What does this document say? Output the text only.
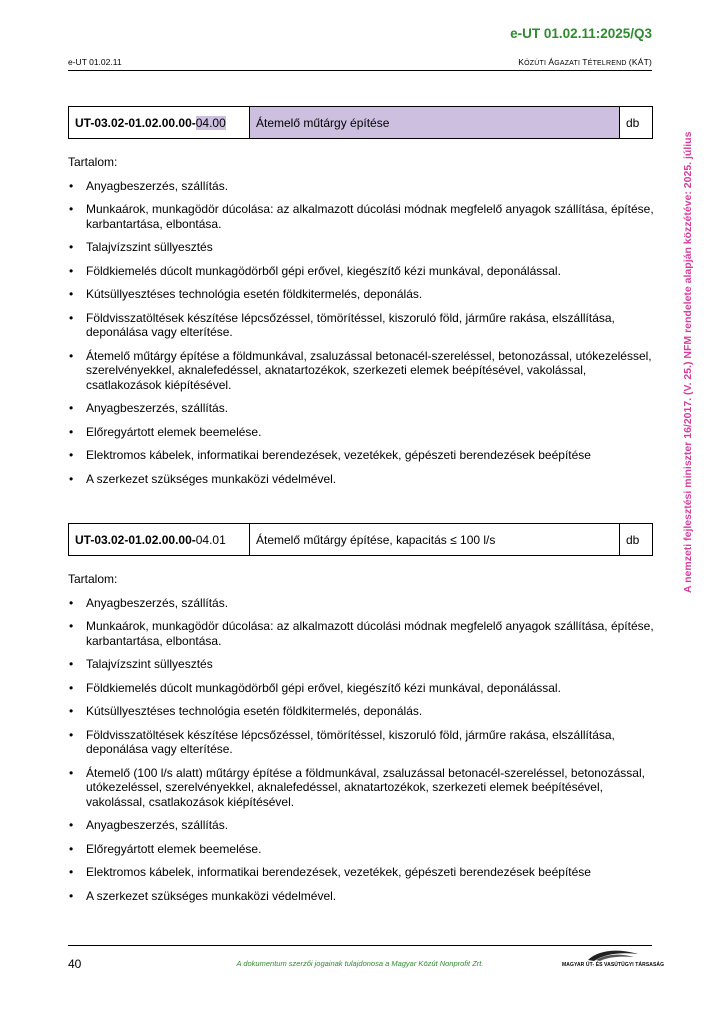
e-UT 01.02.11:2025/Q3
e-UT 01.02.11	KÖZÚTI ÁGAZATI TÉTELREND (KÁT)
A nemzeti fejlesztési miniszter 16/2017. (V. 25.) NFM rendelete alapján közzétéve: 2025. július
UT-03.02-01.02.00.00-04.00	Átemelő műtárgy építése	db
Tartalom:
• Anyagbeszerzés, szállítás.
• Munkaárok, munkagödör dúcolása: az alkalmazott dúcolási módnak megfelelő anyagok szállítása, építése, karbantartása, elbontása.
• Talajvízszint süllyesztés
• Földkiemelés dúcolt munkagödörből gépi erővel, kiegészítő kézi munkával, deponálással.
• Kútsüllyesztéses technológia esetén földkitermelés, deponálás.
• Földvisszatöltések készítése lépcsőzéssel, tömörítéssel, kiszoruló föld, járműre rakása, elszállítása, deponálása vagy elterítése.
• Átemelő műtárgy építése a földmunkával, zsaluzással betonacél-szereléssel, betonozással, utókezeléssel, szerelvényekkel, aknalefedéssel, aknatartozékok, szerkezeti elemek beépítésével, vakolással, csatlakozások kiépítésével.
• Anyagbeszerzés, szállítás.
• Előregyártott elemek beemelése.
• Elektromos kábelek, informatikai berendezések, vezetékek, gépészeti berendezések beépítése
• A szerkezet szükséges munkaközi védelmével.
UT-03.02-01.02.00.00-04.01	Átemelő műtárgy építése, kapacitás ≤ 100 l/s	db
Tartalom:
• Anyagbeszerzés, szállítás.
• Munkaárok, munkagödör dúcolása: az alkalmazott dúcolási módnak megfelelő anyagok szállítása, építése, karbantartása, elbontása.
• Talajvízszint süllyesztés
• Földkiemelés dúcolt munkagödörből gépi erővel, kiegészítő kézi munkával, deponálással.
• Kútsüllyesztéses technológia esetén földkitermelés, deponálás.
• Földvisszatöltések készítése lépcsőzéssel, tömörítéssel, kiszoruló föld, járműre rakása, elszállítása, deponálása vagy elterítése.
• Átemelő (100 l/s alatt) műtárgy építése a földmunkával, zsaluzással betonacél-szereléssel, betonozással, utókezeléssel, szerelvényekkel, aknalefedéssel, aknatartozékok, szerkezeti elemek beépítésével, vakolással, csatlakozások kiépítésével.
• Anyagbeszerzés, szállítás.
• Előregyártott elemek beemelése.
• Elektromos kábelek, informatikai berendezések, vezetékek, gépészeti berendezések beépítése
• A szerkezet szükséges munkaközi védelmével.
40	A dokumentum szerzői jogainak tulajdonosa a Magyar Közút Nonprofit Zrt.	MAGYAR ÚT- ÉS VASÚTÜGYI TÁRSASÁG
